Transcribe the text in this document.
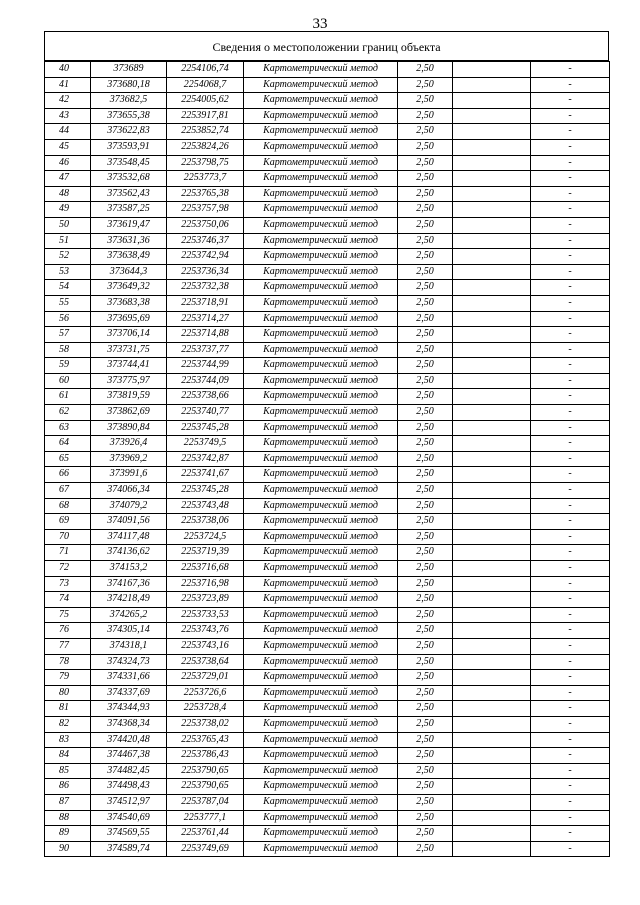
33
Сведения о местоположении границ объекта
40	373689	2254106,74	Картометрический метод	2,50		-
41	373680,18	2254068,7	Картометрический метод	2,50		-
42	373682,5	2254005,62	Картометрический метод	2,50		-
43	373655,38	2253917,81	Картометрический метод	2,50		-
44	373622,83	2253852,74	Картометрический метод	2,50		-
45	373593,91	2253824,26	Картометрический метод	2,50		-
46	373548,45	2253798,75	Картометрический метод	2,50		-
47	373532,68	2253773,7	Картометрический метод	2,50		-
48	373562,43	2253765,38	Картометрический метод	2,50		-
49	373587,25	2253757,98	Картометрический метод	2,50		-
50	373619,47	2253750,06	Картометрический метод	2,50		-
51	373631,36	2253746,37	Картометрический метод	2,50		-
52	373638,49	2253742,94	Картометрический метод	2,50		-
53	373644,3	2253736,34	Картометрический метод	2,50		-
54	373649,32	2253732,38	Картометрический метод	2,50		-
55	373683,38	2253718,91	Картометрический метод	2,50		-
56	373695,69	2253714,27	Картометрический метод	2,50		-
57	373706,14	2253714,88	Картометрический метод	2,50		-
58	373731,75	2253737,77	Картометрический метод	2,50		-
59	373744,41	2253744,99	Картометрический метод	2,50		-
60	373775,97	2253744,09	Картометрический метод	2,50		-
61	373819,59	2253738,66	Картометрический метод	2,50		-
62	373862,69	2253740,77	Картометрический метод	2,50		-
63	373890,84	2253745,28	Картометрический метод	2,50		-
64	373926,4	2253749,5	Картометрический метод	2,50		-
65	373969,2	2253742,87	Картометрический метод	2,50		-
66	373991,6	2253741,67	Картометрический метод	2,50		-
67	374066,34	2253745,28	Картометрический метод	2,50		-
68	374079,2	2253743,48	Картометрический метод	2,50		-
69	374091,56	2253738,06	Картометрический метод	2,50		-
70	374117,48	2253724,5	Картометрический метод	2,50		-
71	374136,62	2253719,39	Картометрический метод	2,50		-
72	374153,2	2253716,68	Картометрический метод	2,50		-
73	374167,36	2253716,98	Картометрический метод	2,50		-
74	374218,49	2253723,89	Картометрический метод	2,50		-
75	374265,2	2253733,53	Картометрический метод	2,50		-
76	374305,14	2253743,76	Картометрический метод	2,50		-
77	374318,1	2253743,16	Картометрический метод	2,50		-
78	374324,73	2253738,64	Картометрический метод	2,50		-
79	374331,66	2253729,01	Картометрический метод	2,50		-
80	374337,69	2253726,6	Картометрический метод	2,50		-
81	374344,93	2253728,4	Картометрический метод	2,50		-
82	374368,34	2253738,02	Картометрический метод	2,50		-
83	374420,48	2253765,43	Картометрический метод	2,50		-
84	374467,38	2253786,43	Картометрический метод	2,50		-
85	374482,45	2253790,65	Картометрический метод	2,50		-
86	374498,43	2253790,65	Картометрический метод	2,50		-
87	374512,97	2253787,04	Картометрический метод	2,50		-
88	374540,69	2253777,1	Картометрический метод	2,50		-
89	374569,55	2253761,44	Картометрический метод	2,50		-
90	374589,74	2253749,69	Картометрический метод	2,50		-
